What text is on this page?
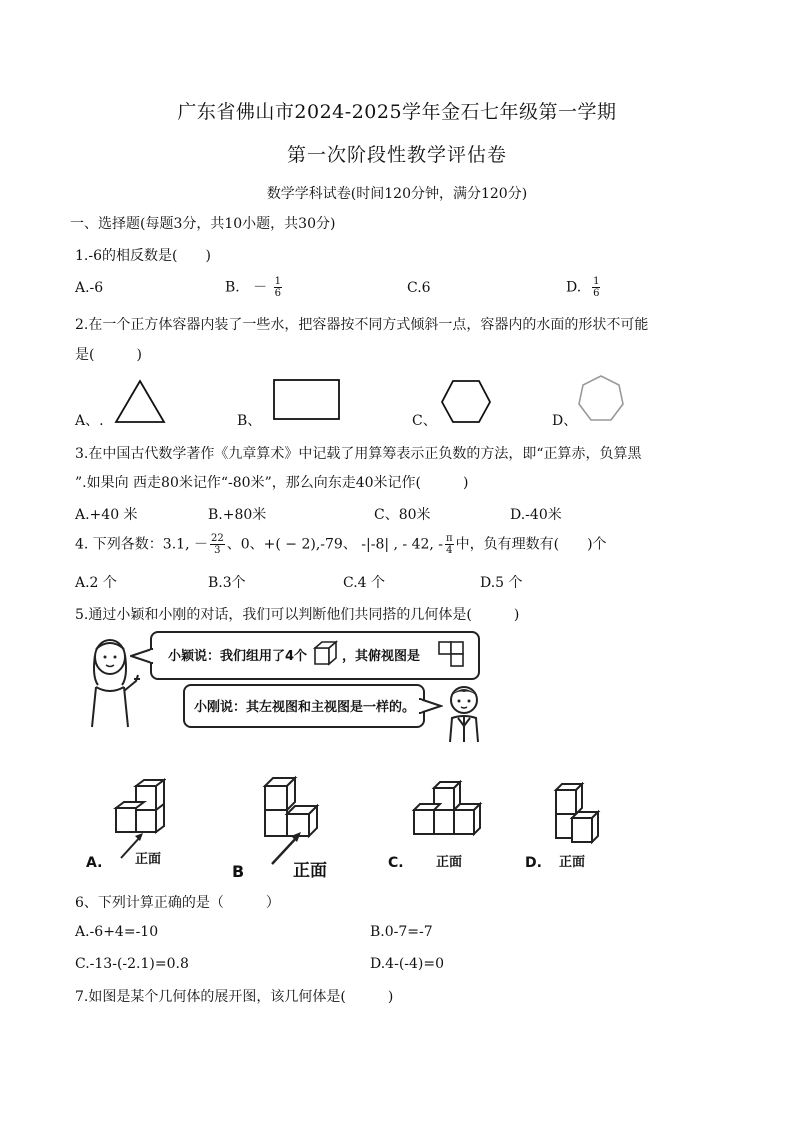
广东省佛山市2024-2025学年金石七年级第一学期
第一次阶段性教学评估卷
数学学科试卷(时间120分钟，满分120分)
一、选择题(每题3分，共10小题，共30分)
1.-6的相反数是(　　)
A.-6	B. － $\frac{1}{6}$	C.6	D. $\frac{1}{6}$
2.在一个正方体容器内装了一些水，把容器按不同方式倾斜一点，容器内的水面的形状不可能
是(　　　)
A、.	B、	C、	D、
3.在中国古代数学著作《九章算术》中记载了用算筹表示正负数的方法，即“正算赤，负算黑
”.如果向 西走80米记作“-80米”，那么向东走40米记作(　　　)
A.+40 米	B.+80米	C、80米	D.-40米
4. 下列各数：3.1, － $\frac{22}{3}$ 、0、+( − 2),-79、 -|-8| , - 42, - $\frac{\pi}{4}$ 中，负有理数有(　　)个
A.2 个	B.3个	C.4 个	D.5 个
5.通过小颖和小刚的对话，我们可以判断他们共同搭的几何体是(　　　)
小颖说：我们组用了4个	，其俯视图是
小刚说：其左视图和主视图是一样的。
正面
A.	正面
B	正面
C.	正面
D.
6、下列计算正确的是（　　　）
A.-6+4=-10	B.0-7=-7
C.-13-(-2.1)=0.8	D.4-(-4)=0
7.如图是某个几何体的展开图，该几何体是(　　　)
